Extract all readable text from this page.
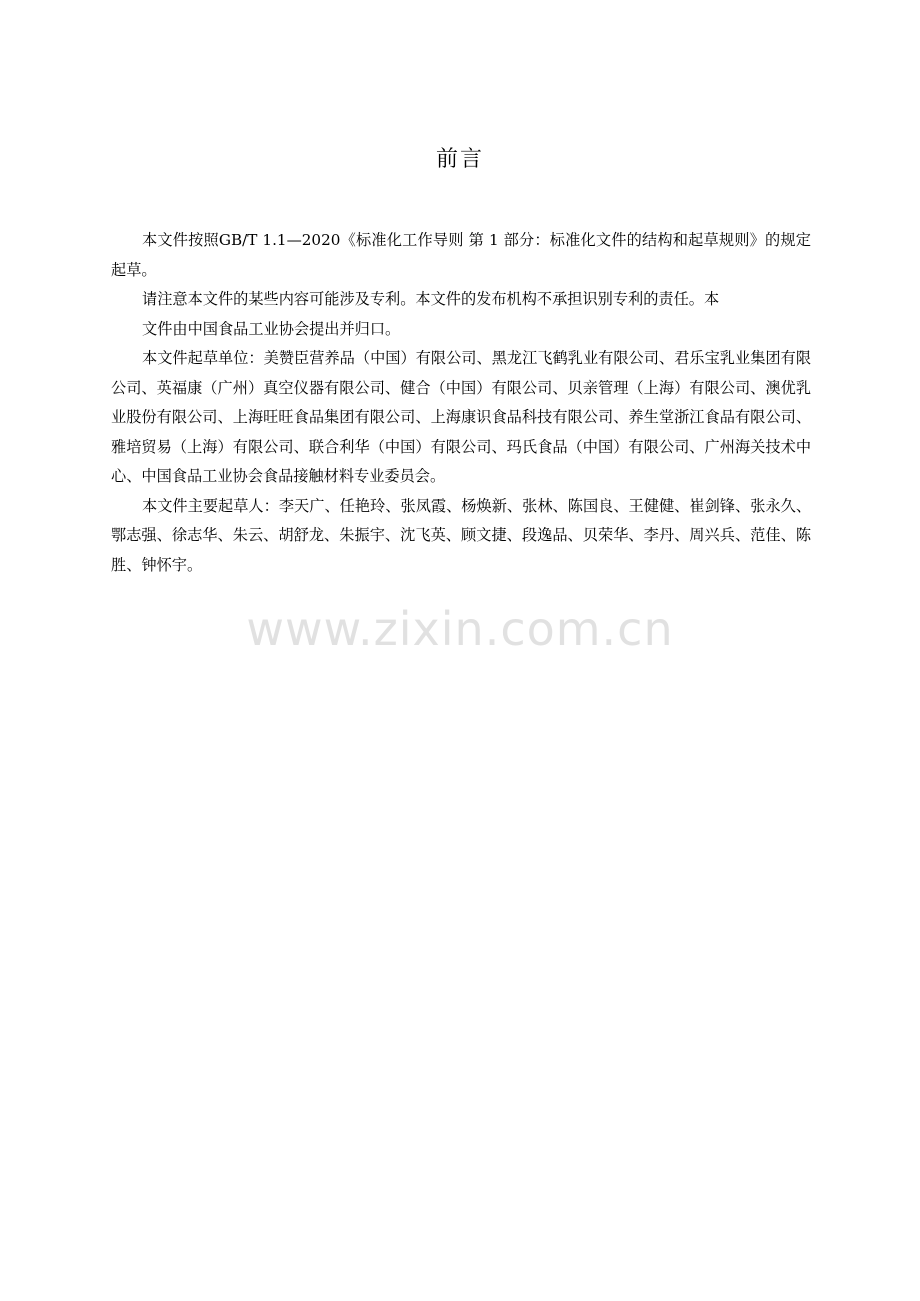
前言

本文件按照GB/T 1.1—2020《标准化工作导则 第 1 部分：标准化文件的结构和起草规则》的规定起草。

请注意本文件的某些内容可能涉及专利。本文件的发布机构不承担识别专利的责任。本

文件由中国食品工业协会提出并归口。

本文件起草单位：美赞臣营养品（中国）有限公司、黑龙江飞鹤乳业有限公司、君乐宝乳业集团有限公司、英福康（广州）真空仪器有限公司、健合（中国）有限公司、贝亲管理（上海）有限公司、澳优乳业股份有限公司、上海旺旺食品集团有限公司、上海康识食品科技有限公司、养生堂浙江食品有限公司、雅培贸易（上海）有限公司、联合利华（中国）有限公司、玛氏食品（中国）有限公司、广州海关技术中心、中国食品工业协会食品接触材料专业委员会。

本文件主要起草人：李天广、任艳玲、张凤霞、杨焕新、张林、陈国良、王健健、崔剑锋、张永久、鄂志强、徐志华、朱云、胡舒龙、朱振宇、沈飞英、顾文捷、段逸品、贝荣华、李丹、周兴兵、范佳、陈胜、钟怀宇。

www.zixin.com.cn
